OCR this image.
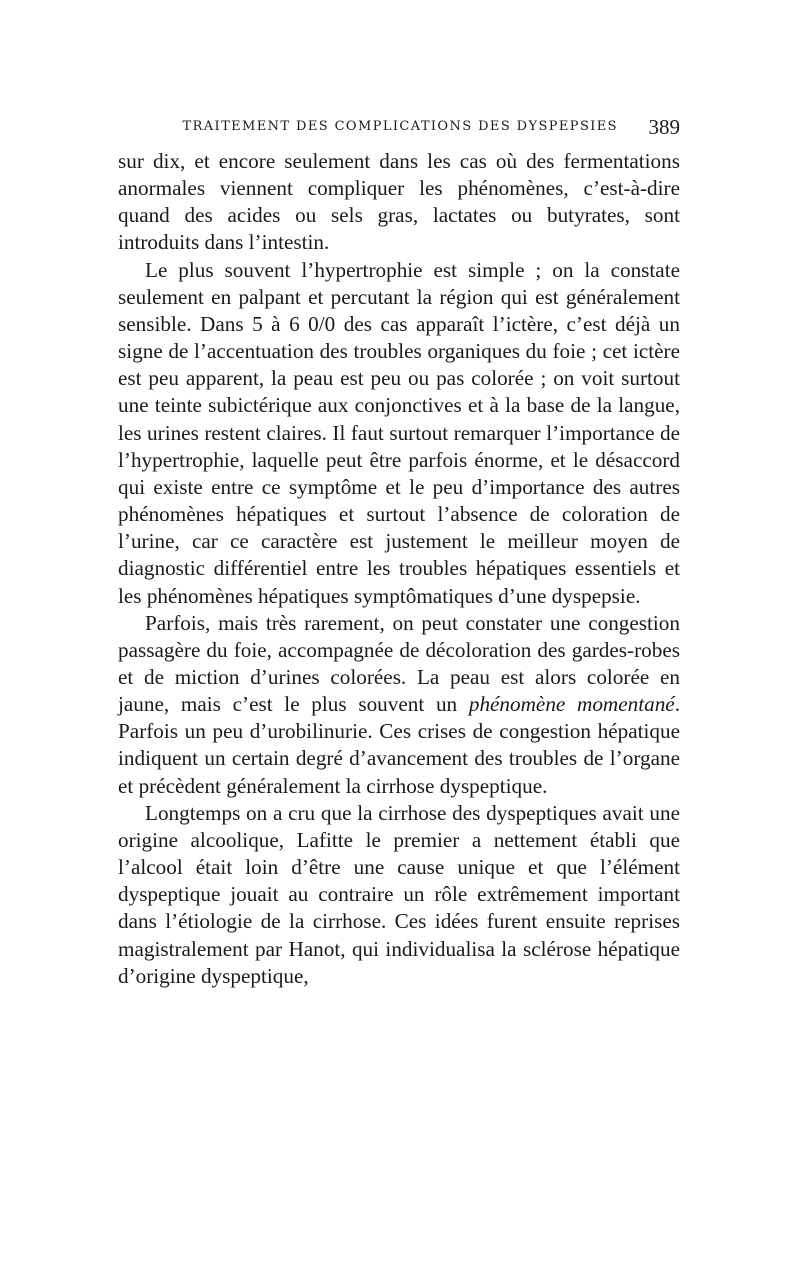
TRAITEMENT DES COMPLICATIONS DES DYSPEPSIES 389

sur dix, et encore seulement dans les cas où des fermentations anormales viennent compliquer les phénomènes, c’est-à-dire quand des acides ou sels gras, lactates ou butyrates, sont introduits dans l’intestin.

Le plus souvent l’hypertrophie est simple ; on la constate seulement en palpant et percutant la région qui est généralement sensible. Dans 5 à 6 0/0 des cas apparaît l’ictère, c’est déjà un signe de l’accentuation des troubles organiques du foie ; cet ictère est peu apparent, la peau est peu ou pas colorée ; on voit surtout une teinte subictérique aux conjonctives et à la base de la langue, les urines restent claires. Il faut surtout remarquer l’importance de l’hypertrophie, laquelle peut être parfois énorme, et le désaccord qui existe entre ce symptôme et le peu d’importance des autres phénomènes hépatiques et surtout l’absence de coloration de l’urine, car ce caractère est justement le meilleur moyen de diagnostic différentiel entre les troubles hépatiques essentiels et les phénomènes hépatiques symptômatiques d’une dyspepsie.

Parfois, mais très rarement, on peut constater une congestion passagère du foie, accompagnée de décoloration des gardes-robes et de miction d’urines colorées. La peau est alors colorée en jaune, mais c’est le plus souvent un phénomène momentané. Parfois un peu d’urobilinurie. Ces crises de congestion hépatique indiquent un certain degré d’avancement des troubles de l’organe et précèdent généralement la cirrhose dyspeptique.

Longtemps on a cru que la cirrhose des dyspeptiques avait une origine alcoolique, Lafitte le premier a nettement établi que l’alcool était loin d’être une cause unique et que l’élément dyspeptique jouait au contraire un rôle extrêmement important dans l’étiologie de la cirrhose. Ces idées furent ensuite reprises magistralement par Hanot, qui individualisa la sclérose hépatique d’origine dyspeptique,
